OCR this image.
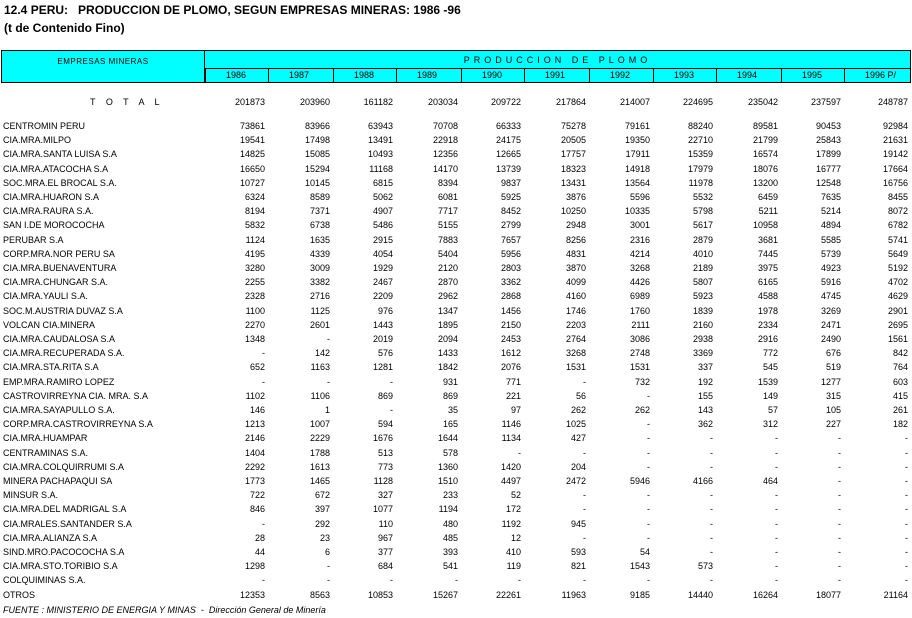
12.4 PERU:   PRODUCCION DE PLOMO, SEGUN EMPRESAS MINERAS: 1986 -96
(t de Contenido Fino)
EMPRESAS MINERAS	PRODUCCION DE PLOMO
1986	1987	1988	1989	1990	1991	1992	1993	1994	1995	1996 P/
T O T A L	201873	203960	161182	203034	209722	217864	214007	224695	235042	237597	248787
CENTROMIN PERU	73861	83966	63943	70708	66333	75278	79161	88240	89581	90453	92984
CIA.MRA.MILPO	19541	17498	13491	22918	24175	20505	19350	22710	21799	25843	21631
CIA.MRA.SANTA LUISA S.A	14825	15085	10493	12356	12665	17757	17911	15359	16574	17899	19142
CIA.MRA.ATACOCHA S.A	16650	15294	11168	14170	13739	18323	14918	17979	18076	16777	17664
SOC.MRA.EL BROCAL S.A.	10727	10145	6815	8394	9837	13431	13564	11978	13200	12548	16756
CIA.MRA.HUARON S.A	6324	8589	5062	6081	5925	3876	5596	5532	6459	7635	8455
CIA.MRA.RAURA S.A.	8194	7371	4907	7717	8452	10250	10335	5798	5211	5214	8072
SAN I.DE MOROCOCHA	5832	6738	5486	5155	2799	2948	3001	5617	10958	4894	6782
PERUBAR S.A	1124	1635	2915	7883	7657	8256	2316	2879	3681	5585	5741
CORP.MRA.NOR PERU SA	4195	4339	4054	5404	5956	4831	4214	4010	7445	5739	5649
CIA.MRA.BUENAVENTURA	3280	3009	1929	2120	2803	3870	3268	2189	3975	4923	5192
CIA.MRA.CHUNGAR S.A.	2255	3382	2467	2870	3362	4099	4426	5807	6165	5916	4702
CIA.MRA.YAULI S.A.	2328	2716	2209	2962	2868	4160	6989	5923	4588	4745	4629
SOC.M.AUSTRIA DUVAZ S.A	1100	1125	976	1347	1456	1746	1760	1839	1978	3269	2901
VOLCAN CIA.MINERA	2270	2601	1443	1895	2150	2203	2111	2160	2334	2471	2695
CIA.MRA.CAUDALOSA S.A	1348	-	2019	2094	2453	2764	3086	2938	2916	2490	1561
CIA.MRA.RECUPERADA S.A.	-	142	576	1433	1612	3268	2748	3369	772	676	842
CIA.MRA.STA.RITA S.A	652	1163	1281	1842	2076	1531	1531	337	545	519	764
EMP.MRA.RAMIRO LOPEZ	-	-	-	931	771	-	732	192	1539	1277	603
CASTROVIRREYNA CIA. MRA. S.A	1102	1106	869	869	221	56	-	155	149	315	415
CIA.MRA.SAYAPULLO S.A.	146	1	-	35	97	262	262	143	57	105	261
CORP.MRA.CASTROVIRREYNA S.A	1213	1007	594	165	1146	1025	-	362	312	227	182
CIA.MRA.HUAMPAR	2146	2229	1676	1644	1134	427	-	-	-	-	-
CENTRAMINAS S.A.	1404	1788	513	578	-	-	-	-	-	-	-
CIA.MRA.COLQUIRRUMI S.A	2292	1613	773	1360	1420	204	-	-	-	-	-
MINERA PACHAPAQUI SA	1773	1465	1128	1510	4497	2472	5946	4166	464	-	-
MINSUR S.A.	722	672	327	233	52	-	-	-	-	-	-
CIA.MRA.DEL MADRIGAL S.A	846	397	1077	1194	172	-	-	-	-	-	-
CIA.MRALES.SANTANDER S.A	-	292	110	480	1192	945	-	-	-	-	-
CIA.MRA.ALIANZA S.A	28	23	967	485	12	-	-	-	-	-	-
SIND.MRO.PACOCOCHA S.A	44	6	377	393	410	593	54	-	-	-	-
CIA.MRA.STO.TORIBIO S.A	1298	-	684	541	119	821	1543	573	-	-	-
COLQUIMINAS S.A.	-	-	-	-	-	-	-	-	-	-	-
OTROS	12353	8563	10853	15267	22261	11963	9185	14440	16264	18077	21164
FUENTE : MINISTERIO DE ENERGIA Y MINAS  -  Dirección General de Minería
